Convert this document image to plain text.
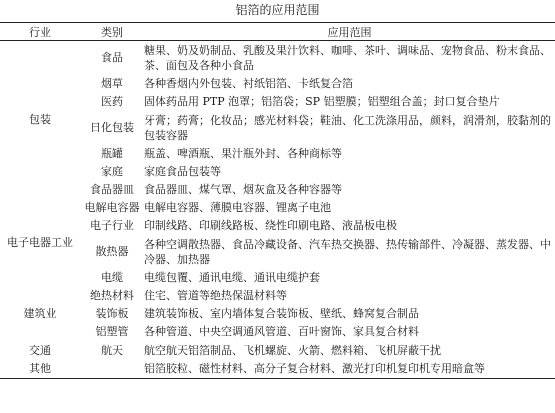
铝箔的应用范围
行业	类别	应用范围
包装	食品	糖果、奶及奶制品、乳酸及果汁饮料、咖啡、茶叶、调味品、宠物食品、粉末食品、茶、面包及各种小食品
	烟草	各种香烟内外包装、衬纸铝箔、卡纸复合箔
	医药	固体药品用 PTP 泡罩；铝箔袋；SP 铝塑膜；铝塑组合盖；封口复合垫片
	日化包装	牙膏；药膏；化妆品；感光材料袋；鞋油、化工洗涤用品，颜料，润滑剂，胶黏剂的包装容器
	瓶罐	瓶盖、啤酒瓶、果汁瓶外封、各种商标等
	家庭	家庭食品包装等
	食品器皿	食品器皿、煤气罩、烟灰盒及各种容器等
电子电器工业	电解电容器	电解电容器、薄膜电容器、锂离子电池
	电子行业	印制线路、印刷线路板、绕性印刷电路、液晶板电极
	散热器	各种空调散热器、食品冷藏设备、汽车热交换器、热传输部件、冷凝器、蒸发器、中冷器、加热器
	电缆	电缆包覆、通讯电缆、通讯电缆护套
建筑业	绝热材料	住宅、管道等绝热保温材料等
	装饰板	建筑装饰板、室内墙体复合装饰板、壁纸、蜂窝复合制品
	铝塑管	各种管道、中央空调通风管道、百叶窗饰、家具复合材料
交通	航天	航空航天铝箔制品、飞机螺旋、火箭、燃料箱、飞机屏蔽干扰
其他		铝箔胶粒、磁性材料、高分子复合材料、激光打印机复印机专用暗盒等
